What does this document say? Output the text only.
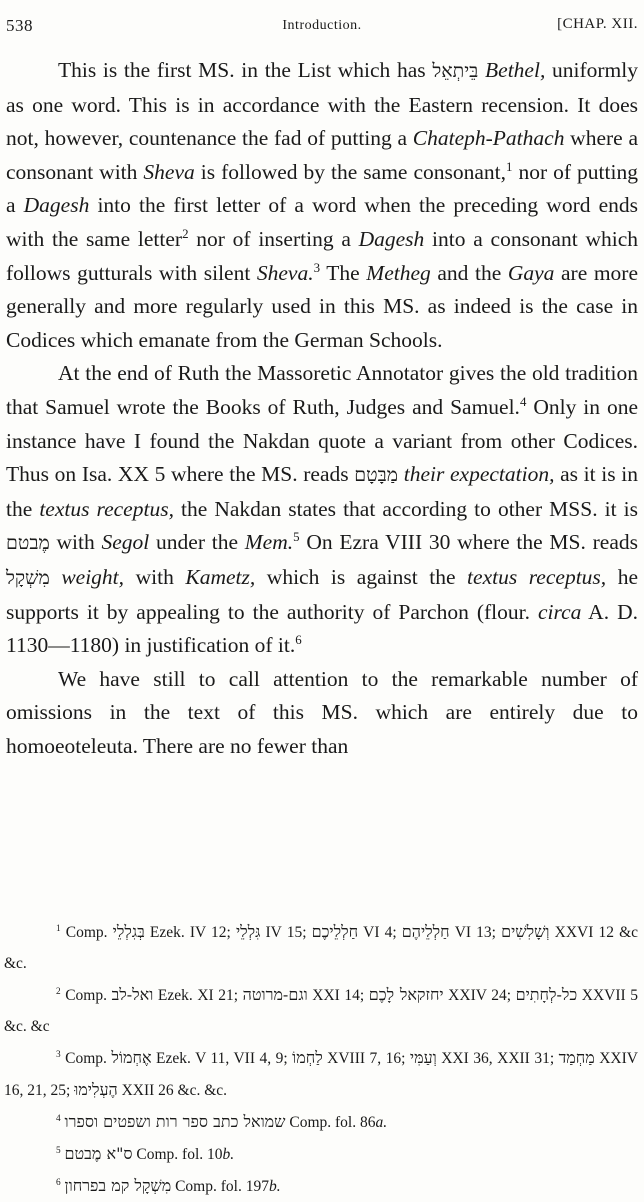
538	Introduction.	[CHAP. XII.

This is the first MS. in the List which has בֵּיתְאֵל Bethel, uniformly as one word. This is in accordance with the Eastern recension. It does not, however, countenance the fad of putting a Chateph-Pathach where a consonant with Sheva is followed by the same consonant,$^1$ nor of putting a Dagesh into the first letter of a word when the preceding word ends with the same letter$^2$ nor of inserting a Dagesh into a consonant which follows gutturals with silent Sheva.$^3$ The Metheg and the Gaya are more generally and more regularly used in this MS. as indeed is the case in Codices which emanate from the German Schools.

At the end of Ruth the Massoretic Annotator gives the old tradition that Samuel wrote the Books of Ruth, Judges and Samuel.$^4$ Only in one instance have I found the Nakdan quote a variant from other Codices. Thus on Isa. XX 5 where the MS. reads מַבָּטָם their expectation, as it is in the textus receptus, the Nakdan states that according to other MSS. it is מֶבטם with Segol under the Mem.$^5$ On Ezra VIII 30 where the MS. reads מִשְׁקָל weight, with Kametz, which is against the textus receptus, he supports it by appealing to the authority of Parchon (flour. circa A. D. 1130—1180) in justification of it.$^6$

We have still to call attention to the remarkable number of omissions in the text of this MS. which are entirely due to homoeoteleuta. There are no fewer than

$^1$ Comp. בְּגִלְלֵי Ezek. IV 12; גִּלְלֵי IV 15; חַלְלֵיכֶם VI 4; חַלְלֵיהֶם VI 13; וְשָׁלִשִׁים XXVI 12 &c &c.

$^2$ Comp. ואל-לב Ezek. XI 21; וגם-מרוטה XXI 14; יחזקאל לָכֶם XXIV 24; כל-לְחָתִים XXVII 5 &c. &c

$^3$ Comp. אֶחְמוֹל Ezek. V 11, VII 4, 9; לַחְמוֹ XVIII 7, 16; וְעַמִּי XXI 36, XXII 31; מַחְמַד XXIV 16, 21, 25; הֶעְלִימוּ XXII 26 &c. &c.

$^4$ שמואל כתב ספר רות ושפטים וספרו Comp. fol. 86a.

$^5$ ס"א מֶבטם Comp. fol. 10b.

$^6$ מִשְׁקָל קמ בפרחון Comp. fol. 197b.
